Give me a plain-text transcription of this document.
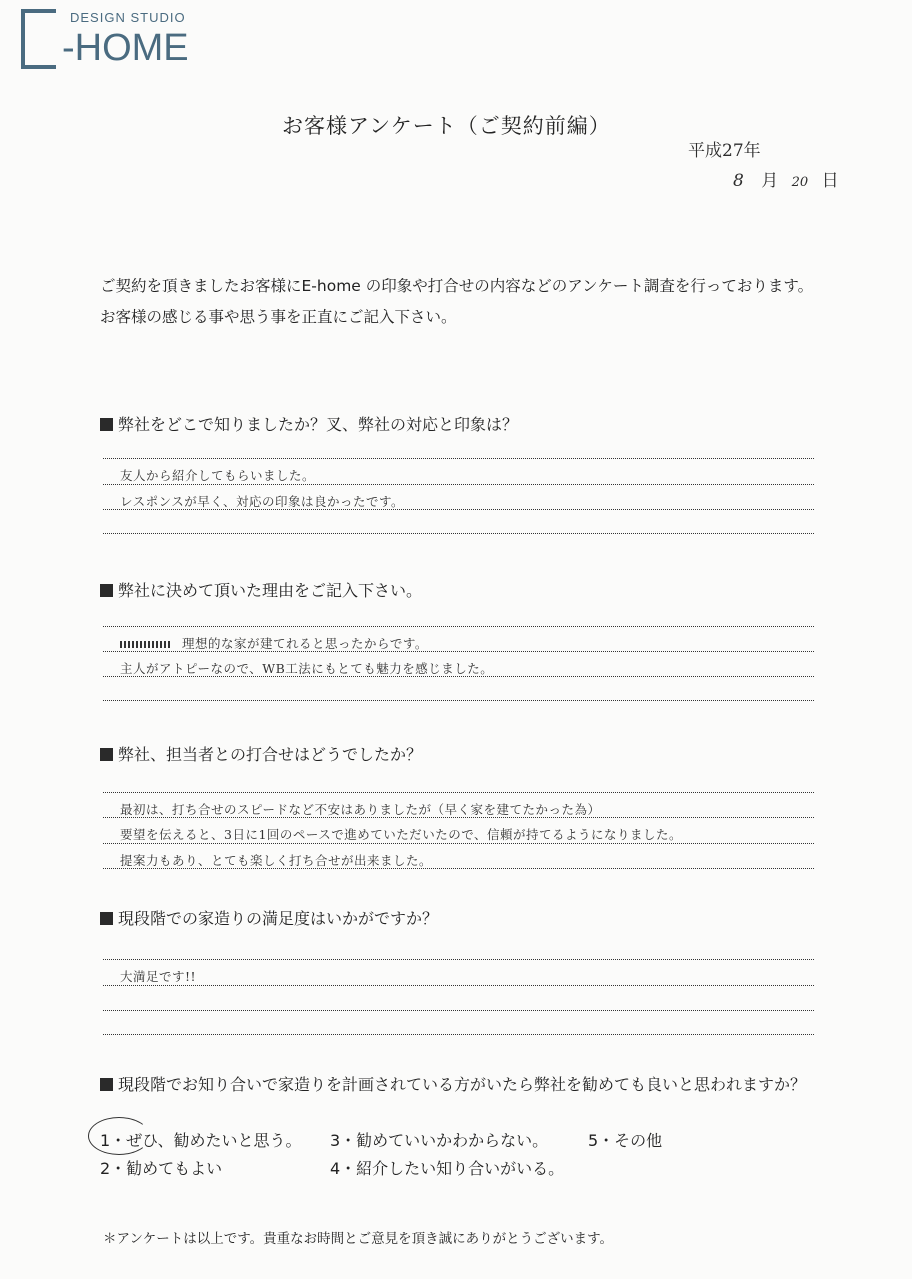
DESIGN STUDIO
-HOME
お客様アンケート（ご契約前編）
平成27年
8 月 20 日
ご契約を頂きましたお客様にE-home の印象や打合せの内容などのアンケート調査を行っております。
お客様の感じる事や思う事を正直にご記入下さい。
弊社をどこで知りましたか？叉、弊社の対応と印象は？
友人から紹介してもらいました。
レスポンスが早く、対応の印象は良かったです。
弊社に決めて頂いた理由をご記入下さい。
理想的な家が建てれると思ったからです。
主人がアトピーなので、WB工法にもとても魅力を感じました。
弊社、担当者との打合せはどうでしたか？
最初は、打ち合せのスピードなど不安はありましたが（早く家を建てたかった為）
要望を伝えると、3日に1回のペースで進めていただいたので、信頼が持てるようになりました。
提案力もあり、とても楽しく打ち合せが出来ました。
現段階での家造りの満足度はいかがですか？
大満足です!!
現段階でお知り合いで家造りを計画されている方がいたら弊社を勧めても良いと思われますか？
1・ぜひ、勧めたいと思う。
2・勧めてもよい
3・勧めていいかわからない。
4・紹介したい知り合いがいる。
5・その他
＊アンケートは以上です。貴重なお時間とご意見を頂き誠にありがとうございます。
